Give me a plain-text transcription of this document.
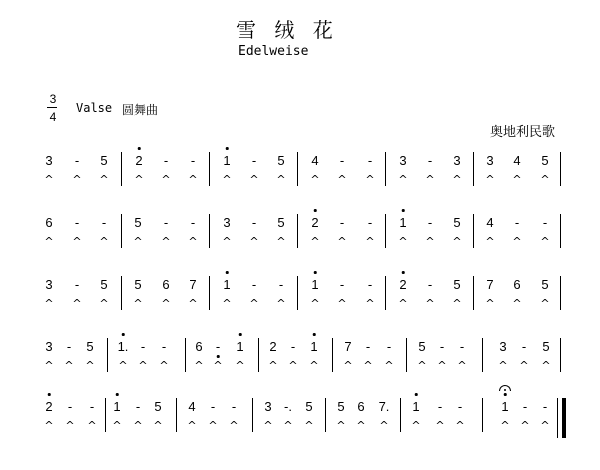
雪 绒 花
Edelweise
3
4
Valse 圆舞曲
奥地利民歌
3
^
-
^
5
^
2
^
-
^
-
^
1
^
-
^
5
^
4
^
-
^
-
^
3
^
-
^
3
^
3
^
4
^
5
^
6
^
-
^
-
^
5
^
-
^
-
^
3
^
-
^
5
^
2
^
-
^
-
^
1
^
-
^
5
^
4
^
-
^
-
^
3
^
-
^
5
^
5
^
6
^
7
^
1
^
-
^
-
^
1
^
-
^
-
^
2
^
-
^
5
^
7
^
6
^
5
^
3
^
-
^
5
^
1.
^
-
^
-
^
6
^
-
^
1
^
2
^
-
^
1
^
7
^
-
^
-
^
5
^
-
^
-
^
3
^
-
^
5
^
2
^
-
^
-
^
1
^
-
^
5
^
4
^
-
^
-
^
3
^
-.
^
5
^
5
^
6
^
7.
^
1
^
-
^
-
^
1
^
-
^
-
^
